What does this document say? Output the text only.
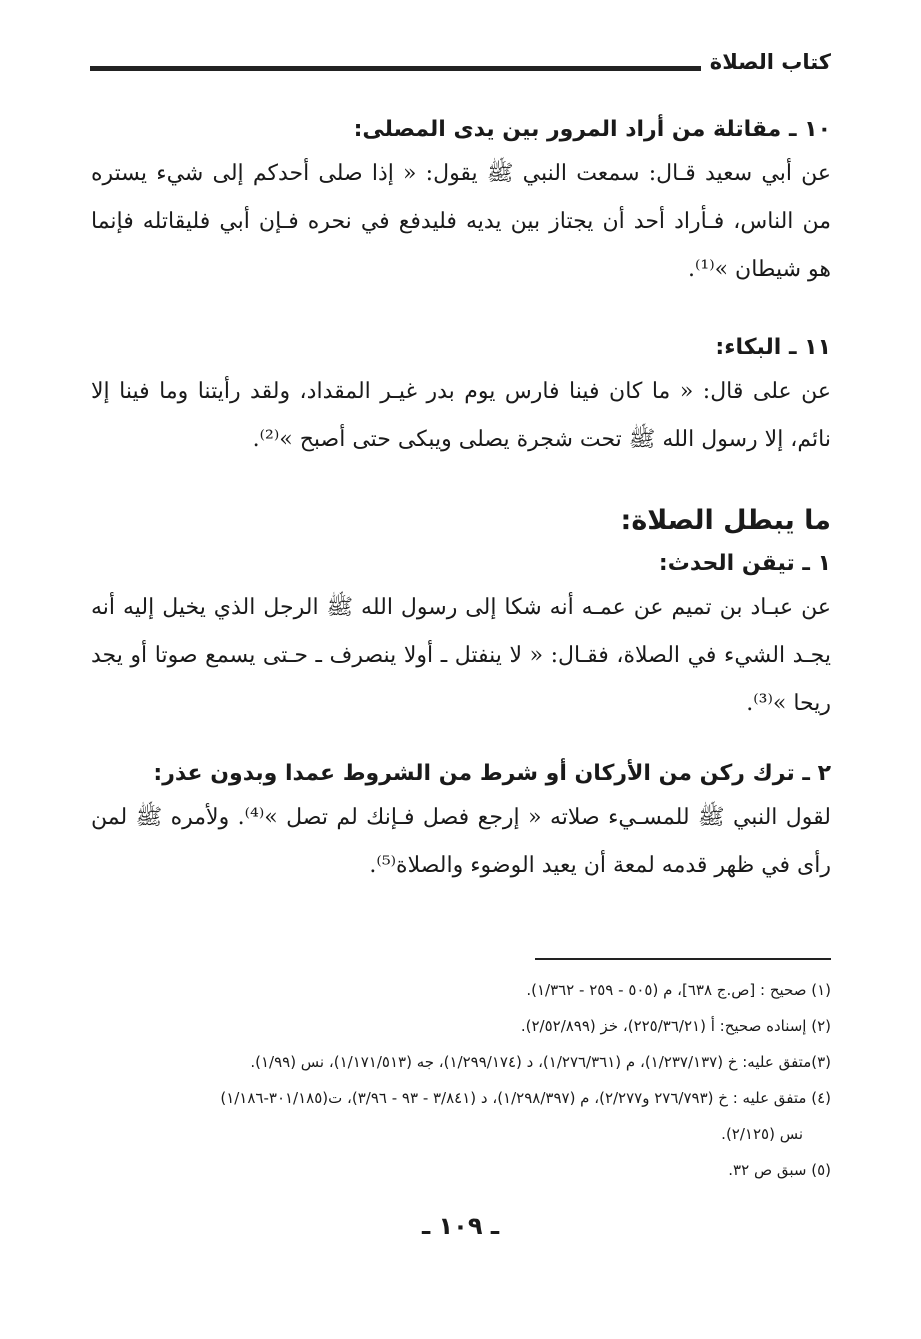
كتاب الصلاة
١٠ ـ مقاتلة من أراد المرور بين يدى المصلى:

عن أبي سعيد قـال: سمعت النبي ﷺ يقول: « إذا صلى أحدكم إلى شيء يستره من الناس، فـأراد أحد أن يجتاز بين يديه فليدفع في نحره فـإن أبي فليقاتله فإنما هو شيطان »⁽¹⁾.

١١ ـ البكاء:

عن على قال: « ما كان فينا فارس يوم بدر غيـر المقداد، ولقد رأيتنا وما فينا إلا نائم، إلا رسول الله ﷺ تحت شجرة يصلى ويبكى حتى أصبح »⁽²⁾.

ما يبطل الصلاة:
١ ـ تيقن الحدث:

عن عبـاد بن تميم عن عمـه أنه شكا إلى رسول الله ﷺ الرجل الذي يخيل إليه أنه يجـد الشيء في الصلاة، فقـال: « لا ينفتل ـ أولا ينصرف ـ حـتى يسمع صوتا أو يجد ريحا »⁽³⁾.

٢ ـ ترك ركن من الأركان أو شرط من الشروط عمدا وبدون عذر:

لقول النبي ﷺ للمسـيء صلاته « إرجع فصل فـإنك لم تصل »⁽⁴⁾. ولأمره ﷺ لمن رأى في ظهر قدمه لمعة أن يعيد الوضوء والصلاة⁽⁵⁾.

(١) صحيح : [ص.ج ٦٣٨]، م (٥٠٥ - ٢٥٩ - ١/٣٦٢).

(٢) إسناده صحيح: أ (٢٢٥/٣٦/٢١)، خز (٢/٥٢/٨٩٩).

(٣)متفق عليه: خ (١/٢٣٧/١٣٧)، م (١/٢٧٦/٣٦١)، د (١/٢٩٩/١٧٤)، جه (١/١٧١/٥١٣)، نس (١/٩٩).

(٤) متفق عليه : خ (٢٧٦/٧٩٣ و٢/٢٧٧)، م (١/٢٩٨/٣٩٧)، د (٣/٨٤١ - ٩٣ - ٣/٩٦)، ت(٣٠١/١٨٥-١/١٨٦)

نس (٢/١٢٥).

(٥) سبق ص ٣٢.

ـ ١٠٩ ـ
